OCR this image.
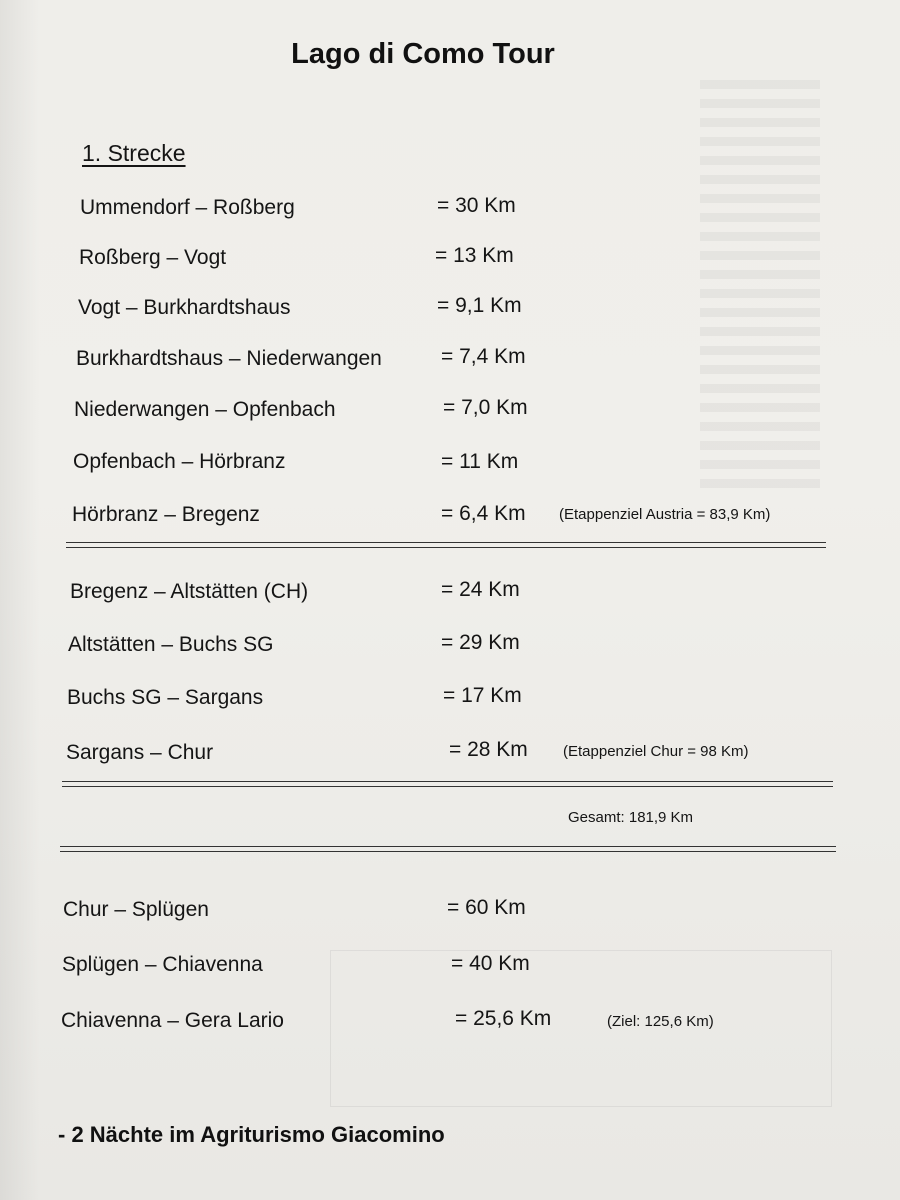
Lago di Como Tour
1. Strecke
Ummendorf – Roßberg	= 30 Km
Roßberg – Vogt	= 13 Km
Vogt – Burkhardtshaus	= 9,1 Km
Burkhardtshaus – Niederwangen	= 7,4 Km
Niederwangen – Opfenbach	= 7,0 Km
Opfenbach – Hörbranz	= 11 Km
Hörbranz – Bregenz	= 6,4 Km (Etappenziel Austria = 83,9 Km)
Bregenz – Altstätten (CH)	= 24 Km
Altstätten – Buchs SG	= 29 Km
Buchs SG – Sargans	= 17 Km
Sargans – Chur	= 28 Km (Etappenziel Chur = 98 Km)
Gesamt: 181,9 Km
Chur – Splügen	= 60 Km
Splügen – Chiavenna	= 40 Km
Chiavenna – Gera Lario	= 25,6 Km	(Ziel: 125,6 Km)
- 2 Nächte im Agriturismo Giacomino
